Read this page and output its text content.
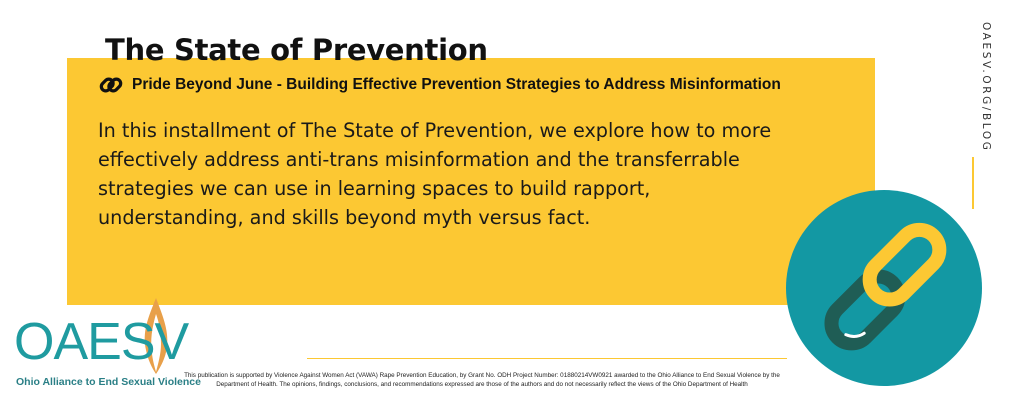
The State of Prevention
Pride Beyond June - Building Effective Prevention Strategies to Address Misinformation

In this installment of The State of Prevention, we explore how to more effectively address anti-trans misinformation and the transferrable strategies we can use in learning spaces to build rapport, understanding, and skills beyond myth versus fact.

OAESV.ORG/BLOG
OAESV
Ohio Alliance to End Sexual Violence

This publication is supported by Violence Against Women Act (VAWA) Rape Prevention Education, by Grant No. ODH Project Number: 01880214VW0921 awarded to the Ohio Alliance to End Sexual Violence by the Department of Health. The opinions, findings, conclusions, and recommendations expressed are those of the authors and do not necessarily reflect the views of the Ohio Department of Health
